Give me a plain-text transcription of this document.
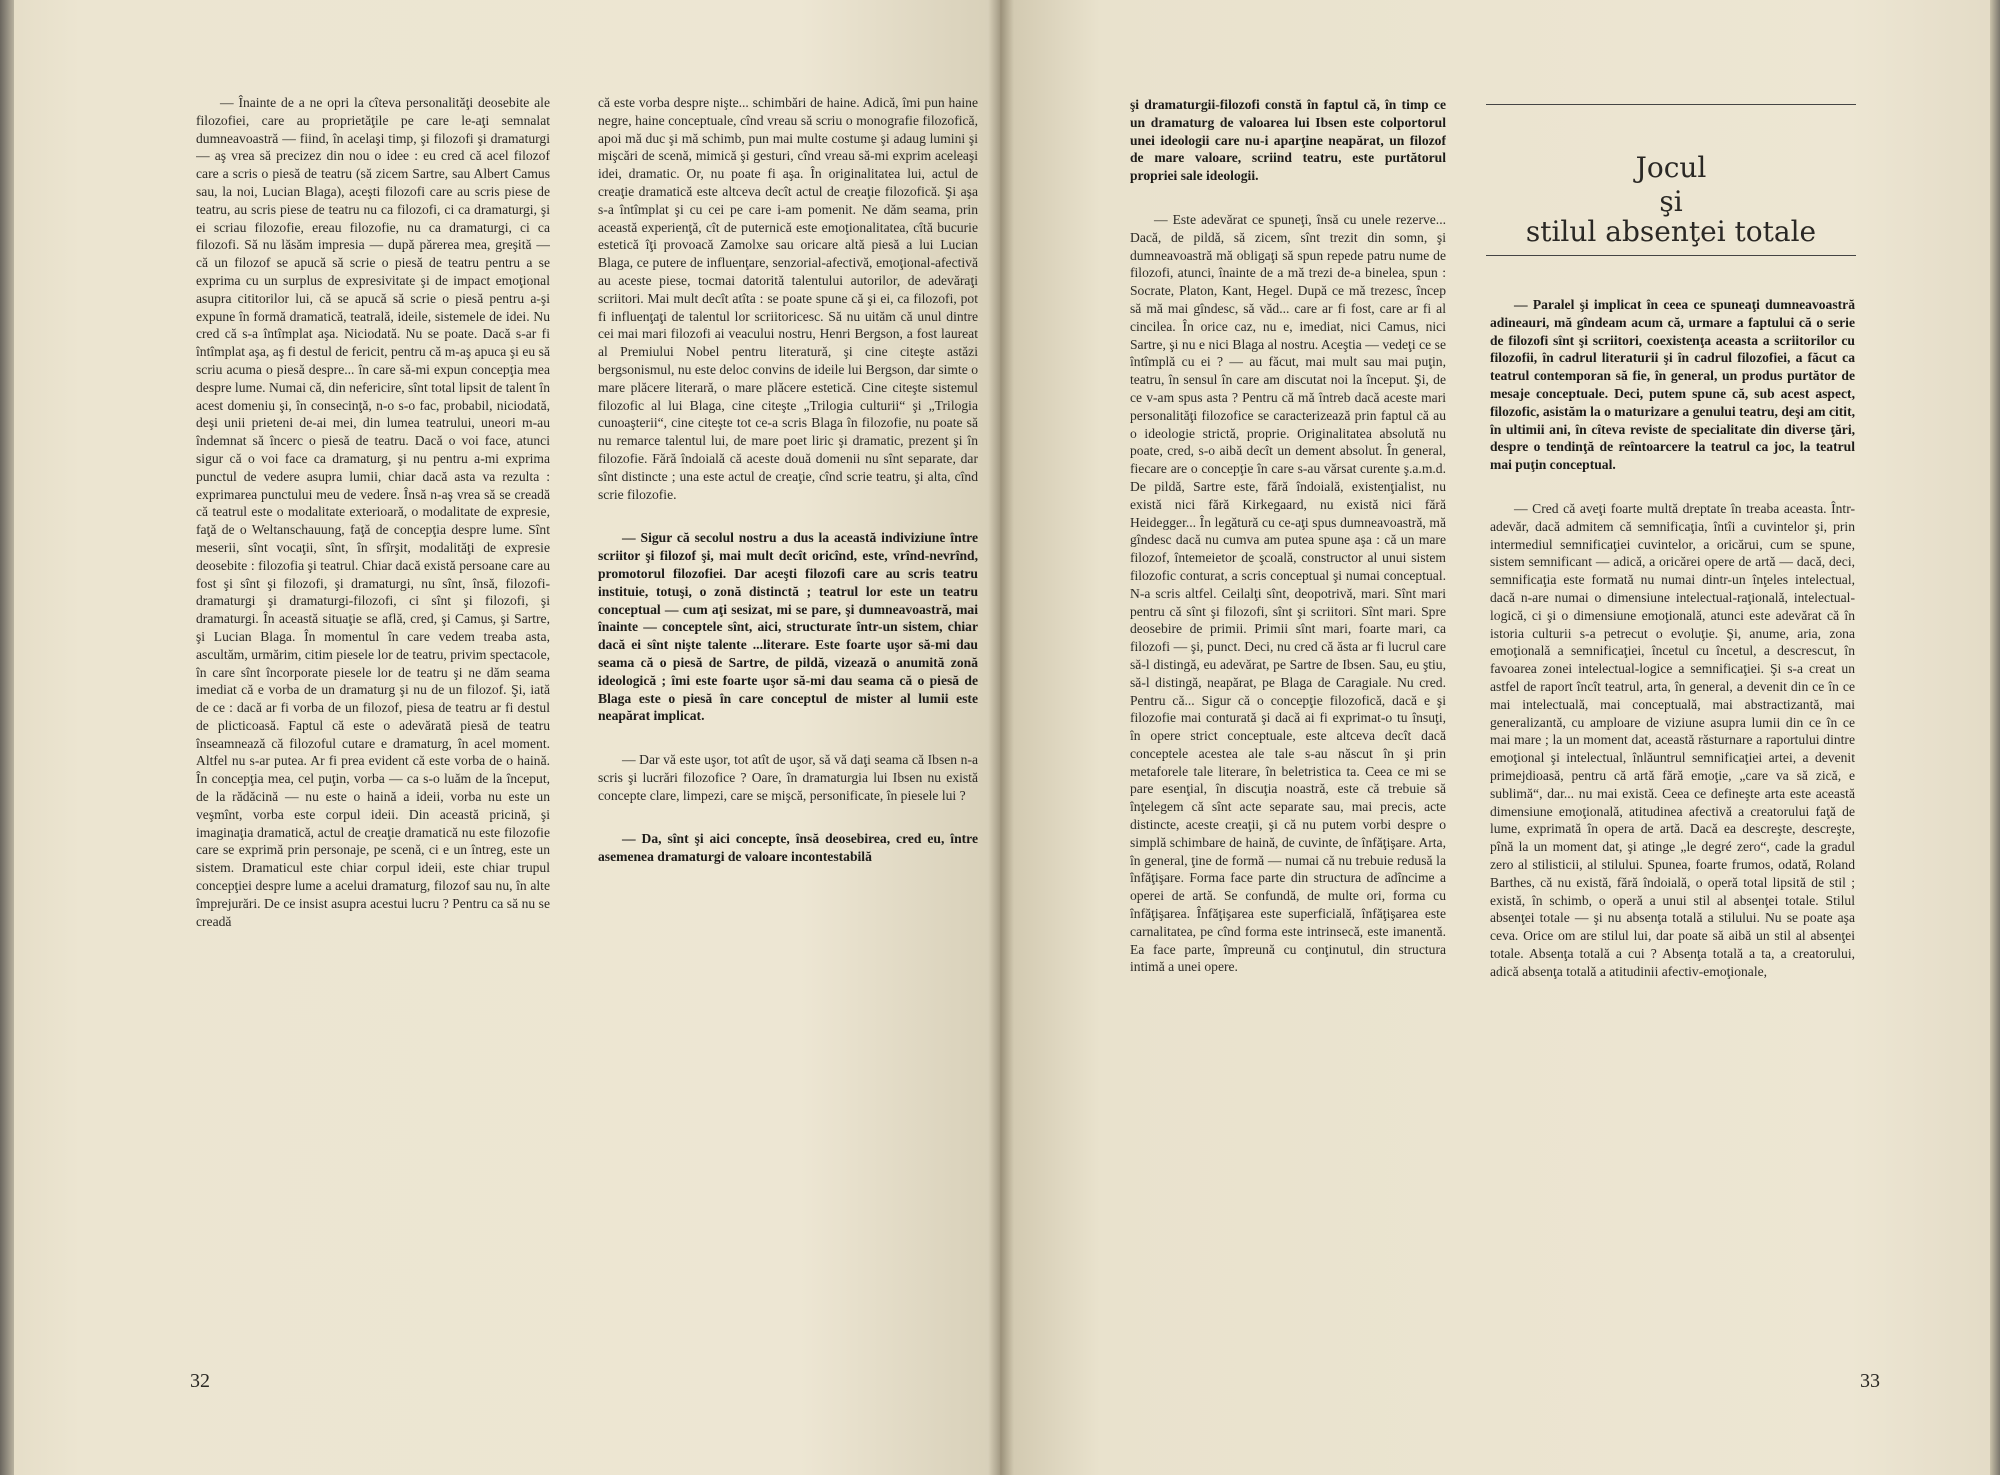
— Înainte de a ne opri la cîteva personalităţi deosebite ale filozofiei, care au proprietăţile pe care le-aţi semnalat dumneavoastră — fiind, în acelaşi timp, şi filozofi şi dramaturgi — aş vrea să precizez din nou o idee : eu cred că acel filozof care a scris o piesă de teatru (să zicem Sartre, sau Albert Camus sau, la noi, Lucian Blaga), aceşti filozofi care au scris piese de teatru, au scris piese de teatru nu ca filozofi, ci ca dramaturgi, şi ei scriau filozofie, ereau filozofie, nu ca dramaturgi, ci ca filozofi. Să nu lăsăm impresia — după părerea mea, greşită — că un filozof se apucă să scrie o piesă de teatru pentru a se exprima cu un surplus de expresivitate şi de impact emoţional asupra cititorilor lui, că se apucă să scrie o piesă pentru a-şi expune în formă dramatică, teatrală, ideile, sistemele de idei. Nu cred că s-a întîmplat aşa. Niciodată. Nu se poate. Dacă s-ar fi întîmplat aşa, aş fi destul de fericit, pentru că m-aş apuca şi eu să scriu acuma o piesă despre... în care să-mi expun concepţia mea despre lume. Numai că, din nefericire, sînt total lipsit de talent în acest domeniu şi, în consecinţă, n-o s-o fac, probabil, niciodată, deşi unii prieteni de-ai mei, din lumea teatrului, uneori m-au îndemnat să încerc o piesă de teatru. Dacă o voi face, atunci sigur că o voi face ca dramaturg, şi nu pentru a-mi exprima punctul de vedere asupra lumii, chiar dacă asta va rezulta : exprimarea punctului meu de vedere. Însă n-aş vrea să se creadă că teatrul este o modalitate exterioară, o modalitate de expresie, faţă de o Weltanschauung, faţă de concepţia despre lume. Sînt meserii, sînt vocaţii, sînt, în sfîrşit, modalităţi de expresie deosebite : filozofia şi teatrul. Chiar dacă există persoane care au fost şi sînt şi filozofi, şi dramaturgi, nu sînt, însă, filozofi-dramaturgi şi dramaturgi-filozofi, ci sînt şi filozofi, şi dramaturgi. În această situaţie se află, cred, şi Camus, şi Sartre, şi Lucian Blaga. În momentul în care vedem treaba asta, ascultăm, urmărim, citim piesele lor de teatru, privim spectacole, în care sînt încorporate piesele lor de teatru şi ne dăm seama imediat că e vorba de un dramaturg şi nu de un filozof. Şi, iată de ce : dacă ar fi vorba de un filozof, piesa de teatru ar fi destul de plicticoasă. Faptul că este o adevărată piesă de teatru înseamnează că filozoful cutare e dramaturg, în acel moment. Altfel nu s-ar putea. Ar fi prea evident că este vorba de o haină. În concepţia mea, cel puţin, vorba — ca s-o luăm de la început, de la rădăcină — nu este o haină a ideii, vorba nu este un veşmînt, vorba este corpul ideii. Din această pricină, şi imaginaţia dramatică, actul de creaţie dramatică nu este filozofie care se exprimă prin personaje, pe scenă, ci e un întreg, este un sistem. Dramaticul este chiar corpul ideii, este chiar trupul concepţiei despre lume a acelui dramaturg, filozof sau nu, în alte împrejurări. De ce insist asupra acestui lucru ? Pentru ca să nu se creadă

că este vorba despre nişte... schimbări de haine. Adică, îmi pun haine negre, haine conceptuale, cînd vreau să scriu o monografie filozofică, apoi mă duc şi mă schimb, pun mai multe costume şi adaug lumini şi mişcări de scenă, mimică şi gesturi, cînd vreau să-mi exprim aceleaşi idei, dramatic. Or, nu poate fi aşa. În originalitatea lui, actul de creaţie dramatică este altceva decît actul de creaţie filozofică. Şi aşa s-a întîmplat şi cu cei pe care i-am pomenit. Ne dăm seama, prin această experienţă, cît de puternică este emoţionalitatea, cîtă bucurie estetică îţi provoacă Zamolxe sau oricare altă piesă a lui Lucian Blaga, ce putere de influenţare, senzorial-afectivă, emoţional-afectivă au aceste piese, tocmai datorită talentului autorilor, de adevăraţi scriitori. Mai mult decît atîta : se poate spune că şi ei, ca filozofi, pot fi influenţaţi de talentul lor scriitoricesc. Să nu uităm că unul dintre cei mai mari filozofi ai veacului nostru, Henri Bergson, a fost laureat al Premiului Nobel pentru literatură, şi cine citeşte astăzi bergsonismul, nu este deloc convins de ideile lui Bergson, dar simte o mare plăcere literară, o mare plăcere estetică. Cine citeşte sistemul filozofic al lui Blaga, cine citeşte „Trilogia culturii“ şi „Trilogia cunoaşterii“, cine citeşte tot ce-a scris Blaga în filozofie, nu poate să nu remarce talentul lui, de mare poet liric şi dramatic, prezent şi în filozofie. Fără îndoială că aceste două domenii nu sînt separate, dar sînt distincte ; una este actul de creaţie, cînd scrie teatru, şi alta, cînd scrie filozofie.

— Sigur că secolul nostru a dus la această indiviziune între scriitor şi filozof şi, mai mult decît oricînd, este, vrînd-nevrînd, promotorul filozofiei. Dar aceşti filozofi care au scris teatru instituie, totuşi, o zonă distinctă ; teatrul lor este un teatru conceptual — cum aţi sesizat, mi se pare, şi dumneavoastră, mai înainte — conceptele sînt, aici, structurate într-un sistem, chiar dacă ei sînt nişte talente ...literare. Este foarte uşor să-mi dau seama că o piesă de Sartre, de pildă, vizează o anumită zonă ideologică ; îmi este foarte uşor să-mi dau seama că o piesă de Blaga este o piesă în care conceptul de mister al lumii este neapărat implicat.

— Dar vă este uşor, tot atît de uşor, să vă daţi seama că Ibsen n-a scris şi lucrări filozofice ? Oare, în dramaturgia lui Ibsen nu există concepte clare, limpezi, care se mişcă, personificate, în piesele lui ?

— Da, sînt şi aici concepte, însă deosebirea, cred eu, între asemenea dramaturgi de valoare incontestabilă

32	33
Jocul
şi
stilul absenţei totale

şi dramaturgii-filozofi constă în faptul că, în timp ce un dramaturg de valoarea lui Ibsen este colportorul unei ideologii care nu-i aparţine neapărat, un filozof de mare valoare, scriind teatru, este purtătorul propriei sale ideologii.

— Este adevărat ce spuneţi, însă cu unele rezerve... Dacă, de pildă, să zicem, sînt trezit din somn, şi dumneavoastră mă obligaţi să spun repede patru nume de filozofi, atunci, înainte de a mă trezi de-a binelea, spun : Socrate, Platon, Kant, Hegel. După ce mă trezesc, încep să mă mai gîndesc, să văd... care ar fi fost, care ar fi al cincilea. În orice caz, nu e, imediat, nici Camus, nici Sartre, şi nu e nici Blaga al nostru. Aceştia — vedeţi ce se întîmplă cu ei ? — au făcut, mai mult sau mai puţin, teatru, în sensul în care am discutat noi la început. Şi, de ce v-am spus asta ? Pentru că mă întreb dacă aceste mari personalităţi filozofice se caracterizează prin faptul că au o ideologie strictă, proprie. Originalitatea absolută nu poate, cred, s-o aibă decît un dement absolut. În general, fiecare are o concepţie în care s-au vărsat curente ş.a.m.d. De pildă, Sartre este, fără îndoială, existenţialist, nu există nici fără Kirkegaard, nu există nici fără Heidegger... În legătură cu ce-aţi spus dumneavoastră, mă gîndesc dacă nu cumva am putea spune aşa : că un mare filozof, întemeietor de şcoală, constructor al unui sistem filozofic conturat, a scris conceptual şi numai conceptual. N-a scris altfel. Ceilalţi sînt, deopotrivă, mari. Sînt mari pentru că sînt şi filozofi, sînt şi scriitori. Sînt mari. Spre deosebire de primii. Primii sînt mari, foarte mari, ca filozofi — şi, punct. Deci, nu cred că ăsta ar fi lucrul care să-l distingă, eu adevărat, pe Sartre de Ibsen. Sau, eu ştiu, să-l distingă, neapărat, pe Blaga de Caragiale. Nu cred. Pentru că... Sigur că o concepţie filozofică, dacă e şi filozofie mai conturată şi dacă ai fi exprimat-o tu însuţi, în opere strict conceptuale, este altceva decît dacă conceptele acestea ale tale s-au născut în şi prin metaforele tale literare, în beletristica ta. Ceea ce mi se pare esenţial, în discuţia noastră, este că trebuie să înţelegem că sînt acte separate sau, mai precis, acte distincte, aceste creaţii, şi că nu putem vorbi despre o simplă schimbare de haină, de cuvinte, de înfăţişare. Arta, în general, ţine de formă — numai că nu trebuie redusă la înfăţişare. Forma face parte din structura de adîncime a operei de artă. Se confundă, de multe ori, forma cu înfăţişarea. Înfăţişarea este superficială, înfăţişarea este carnalitatea, pe cînd forma este intrinsecă, este imanentă. Ea face parte, împreună cu conţinutul, din structura intimă a unei opere.

— Paralel şi implicat în ceea ce spuneaţi dumneavoastră adineauri, mă gîndeam acum că, urmare a faptului că o serie de filozofi sînt şi scriitori, coexistenţa aceasta a scriitorilor cu filozofii, în cadrul literaturii şi în cadrul filozofiei, a făcut ca teatrul contemporan să fie, în general, un produs purtător de mesaje conceptuale. Deci, putem spune că, sub acest aspect, filozofic, asistăm la o maturizare a genului teatru, deşi am citit, în ultimii ani, în cîteva reviste de specialitate din diverse ţări, despre o tendinţă de reîntoarcere la teatrul ca joc, la teatrul mai puţin conceptual.

— Cred că aveţi foarte multă dreptate în treaba aceasta. Într-adevăr, dacă admitem că semnificaţia, întîi a cuvintelor şi, prin intermediul semnificaţiei cuvintelor, a oricărui, cum se spune, sistem semnificant — adică, a oricărei opere de artă — dacă, deci, semnificaţia este formată nu numai dintr-un înţeles intelectual, dacă n-are numai o dimensiune intelectual-raţională, intelectual-logică, ci şi o dimensiune emoţională, atunci este adevărat că în istoria culturii s-a petrecut o evoluţie. Şi, anume, aria, zona emoţională a semnificaţiei, încetul cu încetul, a descrescut, în favoarea zonei intelectual-logice a semnificaţiei. Şi s-a creat un astfel de raport încît teatrul, arta, în general, a devenit din ce în ce mai intelectuală, mai conceptuală, mai abstractizantă, mai generalizantă, cu amploare de viziune asupra lumii din ce în ce mai mare ; la un moment dat, această răsturnare a raportului dintre emoţional şi intelectual, înlăuntrul semnificaţiei artei, a devenit primejdioasă, pentru că artă fără emoţie, „care va să zică, e sublimă“, dar... nu mai există. Ceea ce defineşte arta este această dimensiune emoţională, atitudinea afectivă a creatorului faţă de lume, exprimată în opera de artă. Dacă ea descreşte, descreşte, pînă la un moment dat, şi atinge „le degré zero“, cade la gradul zero al stilisticii, al stilului. Spunea, foarte frumos, odată, Roland Barthes, că nu există, fără îndoială, o operă total lipsită de stil ; există, în schimb, o operă a unui stil al absenţei totale. Stilul absenţei totale — şi nu absenţa totală a stilului. Nu se poate aşa ceva. Orice om are stilul lui, dar poate să aibă un stil al absenţei totale. Absenţa totală a cui ? Absenţa totală a ta, a creatorului, adică absenţa totală a atitudinii afectiv-emoţionale,
